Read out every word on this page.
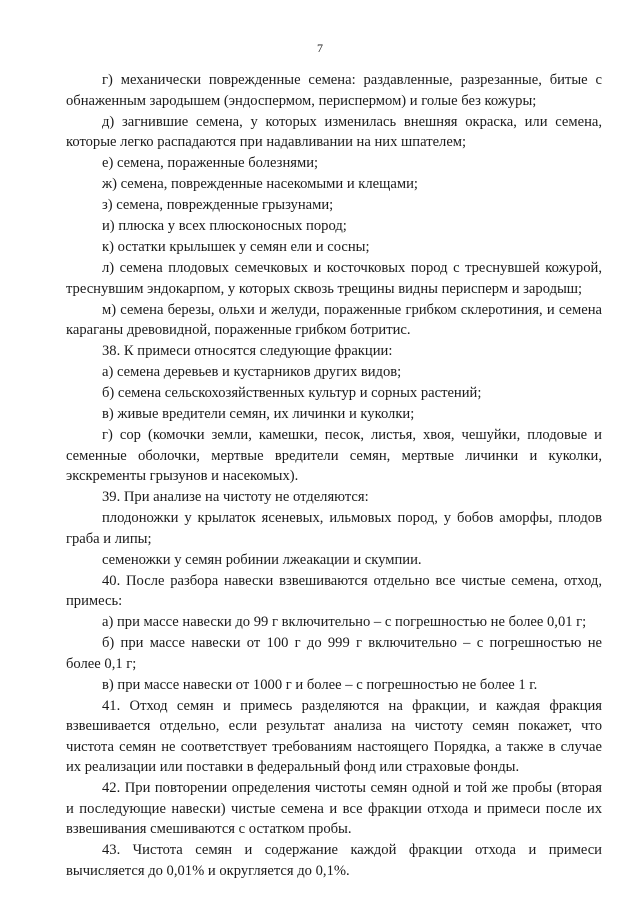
7

г) механически поврежденные семена: раздавленные, разрезанные, битые с обнаженным зародышем (эндоспермом, периспермом) и голые без кожуры;

д) загнившие семена, у которых изменилась внешняя окраска, или семена, которые легко распадаются при надавливании на них шпателем;

е) семена, пораженные болезнями;

ж) семена, поврежденные насекомыми и клещами;

з) семена, поврежденные грызунами;

и) плюска у всех плюсконосных пород;

к) остатки крылышек у семян ели и сосны;

л) семена плодовых семечковых и косточковых пород с треснувшей кожурой, треснувшим эндокарпом, у которых сквозь трещины видны перисперм и зародыш;

м) семена березы, ольхи и желуди, пораженные грибком склеротиния, и семена караганы древовидной, пораженные грибком ботритис.

38. К примеси относятся следующие фракции:

а) семена деревьев и кустарников других видов;

б) семена сельскохозяйственных культур и сорных растений;

в) живые вредители семян, их личинки и куколки;

г) сор (комочки земли, камешки, песок, листья, хвоя, чешуйки, плодовые и семенные оболочки, мертвые вредители семян, мертвые личинки и куколки, экскременты грызунов и насекомых).

39. При анализе на чистоту не отделяются:

плодоножки у крылаток ясеневых, ильмовых пород, у бобов аморфы, плодов граба и липы;

семеножки у семян робинии лжеакации и скумпии.

40. После разбора навески взвешиваются отдельно все чистые семена, отход, примесь:

а) при массе навески до 99 г включительно – с погрешностью не более 0,01 г;

б) при массе навески от 100 г до 999 г включительно – с погрешностью не более 0,1 г;

в) при массе навески от 1000 г и более – с погрешностью не более 1 г.

41. Отход семян и примесь разделяются на фракции, и каждая фракция взвешивается отдельно, если результат анализа на чистоту семян покажет, что чистота семян не соответствует требованиям настоящего Порядка, а также в случае их реализации или поставки в федеральный фонд или страховые фонды.

42. При повторении определения чистоты семян одной и той же пробы (вторая и последующие навески) чистые семена и все фракции отхода и примеси после их взвешивания смешиваются с остатком пробы.

43. Чистота семян и содержание каждой фракции отхода и примеси вычисляется до 0,01% и округляется до 0,1%.
